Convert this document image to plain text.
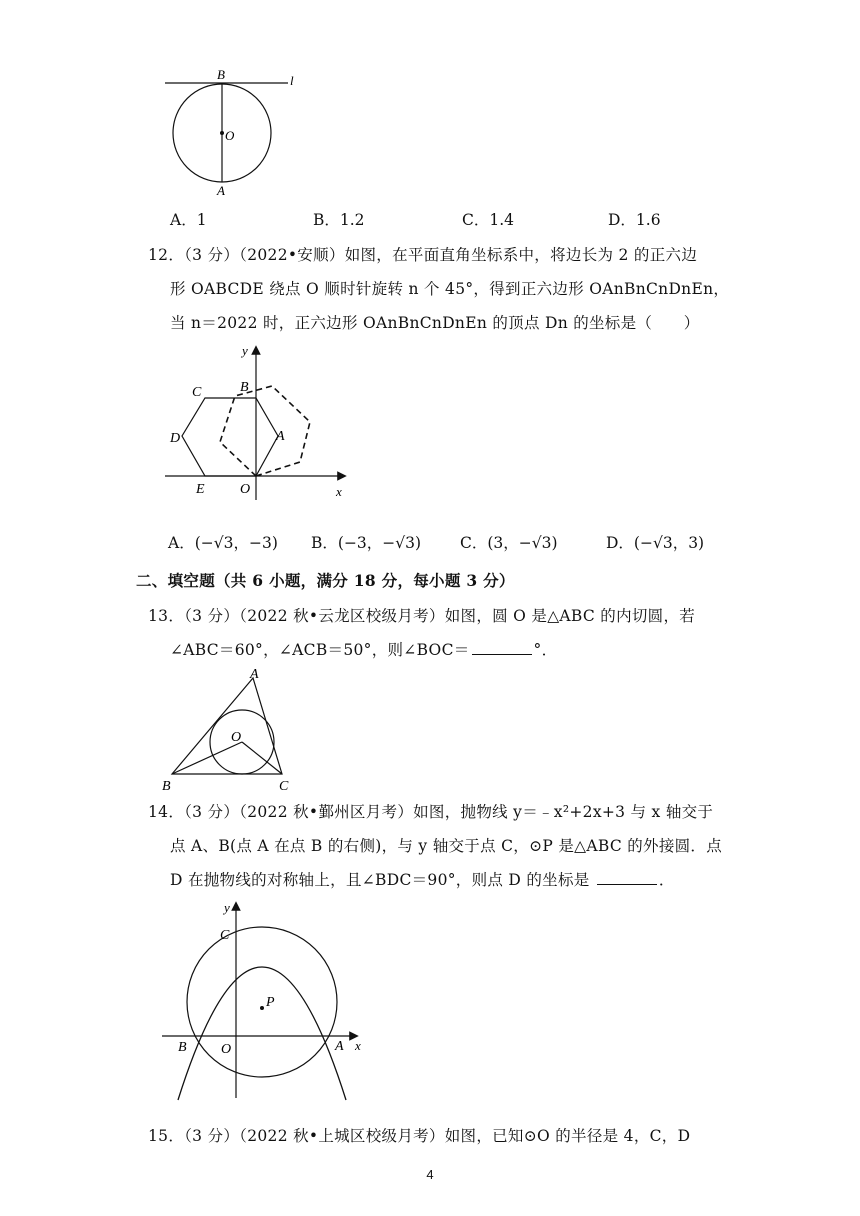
B	l
O
A
A．1	B．1.2	C．1.4	D．1.6
12．（3 分）（2022•安顺）如图，在平面直角坐标系中，将边长为 2 的正六边
形 OABCDE 绕点 O 顺时针旋转 n 个 45°，得到正六边形 OAnBnCnDnEn，
当 n＝2022 时，正六边形 OAnBnCnDnEn 的顶点 Dn 的坐标是（　　）
y
x
B
C
D	A
E	O
A．(−√3，−3) B．(−3，−√3)	C．(3，−√3)	D．(−√3，3)
二、填空题（共 6 小题，满分 18 分，每小题 3 分）
13．（3 分）（2022 秋•云龙区校级月考）如图，圆 O 是△ABC 的内切圆，若
∠ABC＝60°，∠ACB＝50°，则∠BOC＝	°．
A
O
B	C
14．（3 分）（2022 秋•鄞州区月考）如图，抛物线 y＝﹣x²+2x+3 与 x 轴交于
点 A、B(点 A 在点 B 的右侧)，与 y 轴交于点 C，⊙P 是△ABC 的外接圆．点
D 在抛物线的对称轴上，且∠BDC＝90°，则点 D 的坐标是	．
y
C
P
B O	A x
15．（3 分）（2022 秋•上城区校级月考）如图，已知⊙O 的半径是 4，C，D
4
